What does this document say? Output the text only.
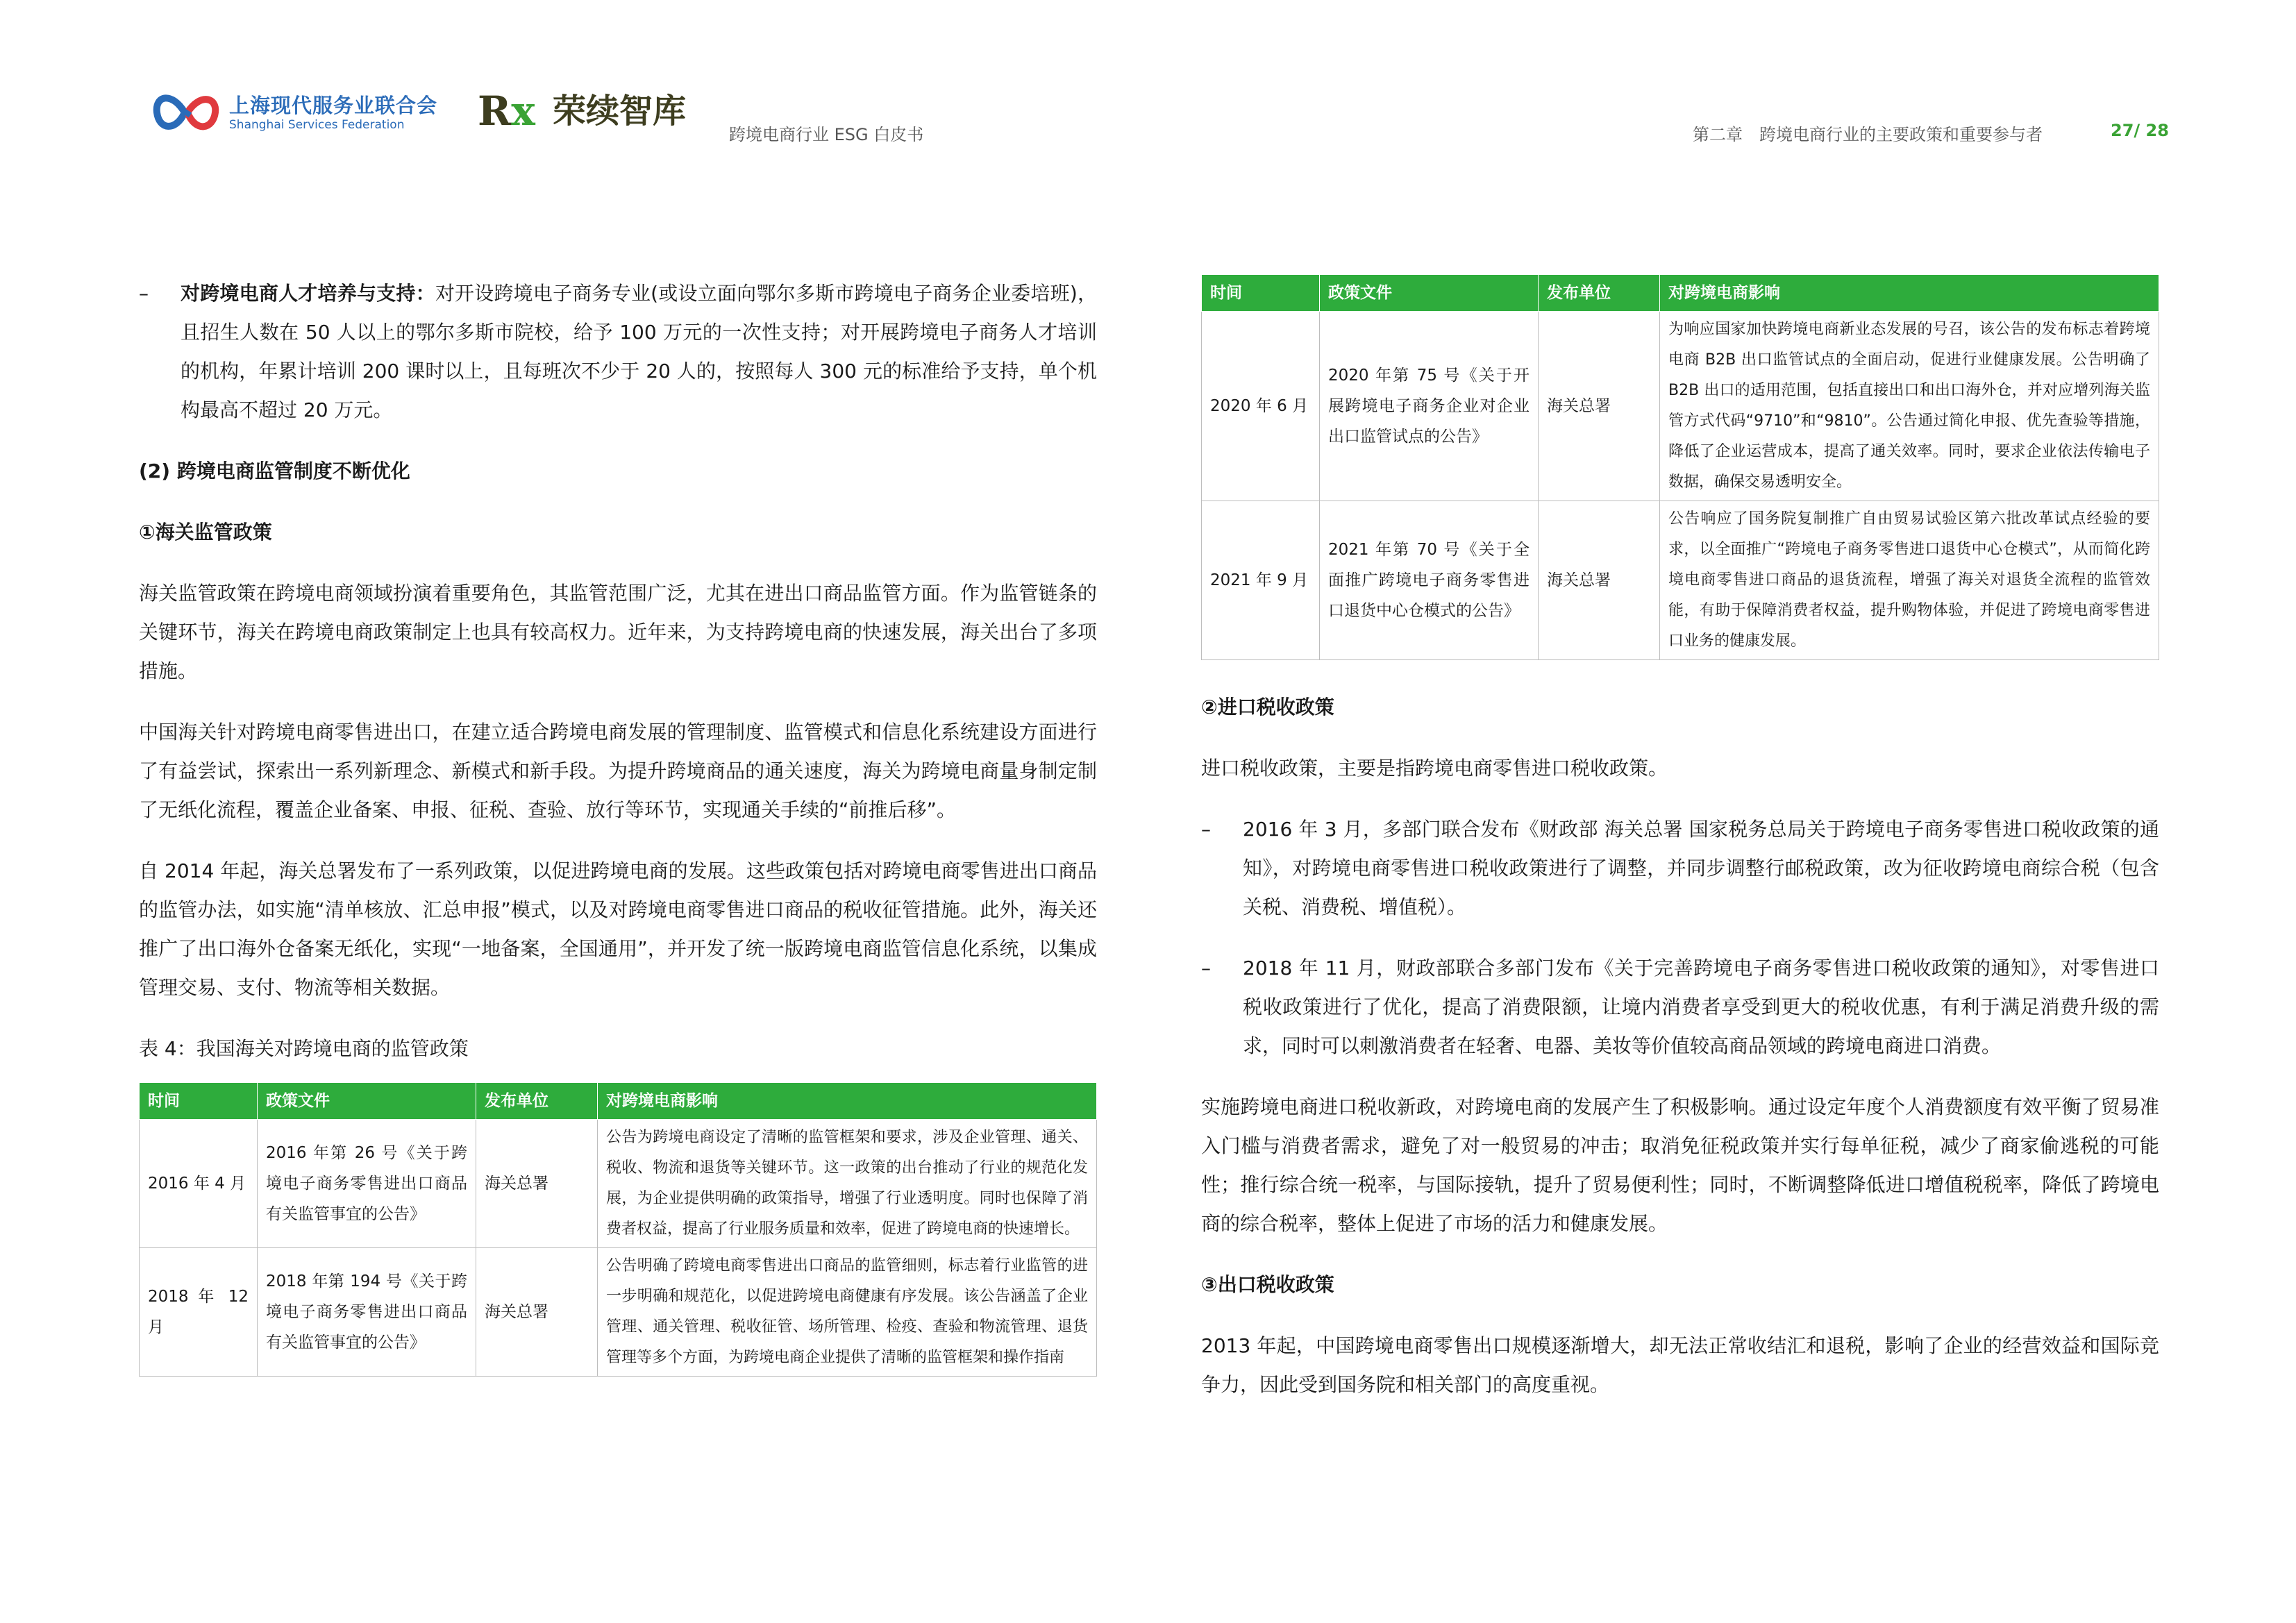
上海现代服务业联合会
Shanghai Services Federation Rx 荣续智库
跨境电商行业 ESG 白皮书	第二章　跨境电商行业的主要政策和重要参与者	27/ 28
– 对跨境电商人才培养与支持：对开设跨境电子商务专业(或设立面向鄂尔多斯市跨境电子商务企业委培班)，且招生人数在 50 人以上的鄂尔多斯市院校，给予 100 万元的一次性支持；对开展跨境电子商务人才培训的机构，年累计培训 200 课时以上，且每班次不少于 20 人的，按照每人 300 元的标准给予支持，单个机构最高不超过 20 万元。
(2) 跨境电商监管制度不断优化
①海关监管政策

海关监管政策在跨境电商领域扮演着重要角色，其监管范围广泛，尤其在进出口商品监管方面。作为监管链条的关键环节，海关在跨境电商政策制定上也具有较高权力。近年来，为支持跨境电商的快速发展，海关出台了多项措施。

中国海关针对跨境电商零售进出口，在建立适合跨境电商发展的管理制度、监管模式和信息化系统建设方面进行了有益尝试，探索出一系列新理念、新模式和新手段。为提升跨境商品的通关速度，海关为跨境电商量身制定制了无纸化流程，覆盖企业备案、申报、征税、查验、放行等环节，实现通关手续的“前推后移”。

自 2014 年起，海关总署发布了一系列政策，以促进跨境电商的发展。这些政策包括对跨境电商零售进出口商品的监管办法，如实施“清单核放、汇总申报”模式，以及对跨境电商零售进口商品的税收征管措施。此外，海关还推广了出口海外仓备案无纸化，实现“一地备案，全国通用”，并开发了统一版跨境电商监管信息化系统，以集成管理交易、支付、物流等相关数据。

表 4：我国海关对跨境电商的监管政策
时间	政策文件	发布单位	对跨境电商影响
2016 年 4 月	2016 年第 26 号《关于跨境电子商务零售进出口商品有关监管事宜的公告》	海关总署	公告为跨境电商设定了清晰的监管框架和要求，涉及企业管理、通关、税收、物流和退货等关键环节。这一政策的出台推动了行业的规范化发展，为企业提供明确的政策指导，增强了行业透明度。同时也保障了消费者权益，提高了行业服务质量和效率，促进了跨境电商的快速增长。
2018 年 12 月	2018 年第 194 号《关于跨境电子商务零售进出口商品有关监管事宜的公告》	海关总署	公告明确了跨境电商零售进出口商品的监管细则，标志着行业监管的进一步明确和规范化，以促进跨境电商健康有序发展。该公告涵盖了企业管理、通关管理、税收征管、场所管理、检疫、查验和物流管理、退货管理等多个方面，为跨境电商企业提供了清晰的监管框架和操作指南
时间	政策文件	发布单位	对跨境电商影响
2020 年 6 月	2020 年第 75 号《关于开展跨境电子商务企业对企业出口监管试点的公告》	海关总署	为响应国家加快跨境电商新业态发展的号召，该公告的发布标志着跨境电商 B2B 出口监管试点的全面启动，促进行业健康发展。公告明确了 B2B 出口的适用范围，包括直接出口和出口海外仓，并对应增列海关监管方式代码“9710”和“9810”。公告通过简化申报、优先查验等措施，降低了企业运营成本，提高了通关效率。同时，要求企业依法传输电子数据，确保交易透明安全。
2021 年 9 月	2021 年第 70 号《关于全面推广跨境电子商务零售进口退货中心仓模式的公告》	海关总署	公告响应了国务院复制推广自由贸易试验区第六批改革试点经验的要求，以全面推广“跨境电子商务零售进口退货中心仓模式”，从而简化跨境电商零售进口商品的退货流程，增强了海关对退货全流程的监管效能，有助于保障消费者权益，提升购物体验，并促进了跨境电商零售进口业务的健康发展。
②进口税收政策

进口税收政策，主要是指跨境电商零售进口税收政策。

– 2016 年 3 月，多部门联合发布《财政部 海关总署 国家税务总局关于跨境电子商务零售进口税收政策的通知》，对跨境电商零售进口税收政策进行了调整，并同步调整行邮税政策，改为征收跨境电商综合税（包含关税、消费税、增值税）。
– 2018 年 11 月，财政部联合多部门发布《关于完善跨境电子商务零售进口税收政策的通知》，对零售进口税收政策进行了优化，提高了消费限额，让境内消费者享受到更大的税收优惠，有利于满足消费升级的需求，同时可以刺激消费者在轻奢、电器、美妆等价值较高商品领域的跨境电商进口消费。

实施跨境电商进口税收新政，对跨境电商的发展产生了积极影响。通过设定年度个人消费额度有效平衡了贸易准入门槛与消费者需求，避免了对一般贸易的冲击；取消免征税政策并实行每单征税，减少了商家偷逃税的可能性；推行综合统一税率，与国际接轨，提升了贸易便利性；同时，不断调整降低进口增值税税率，降低了跨境电商的综合税率，整体上促进了市场的活力和健康发展。

③出口税收政策

2013 年起，中国跨境电商零售出口规模逐渐增大，却无法正常收结汇和退税，影响了企业的经营效益和国际竞争力，因此受到国务院和相关部门的高度重视。
